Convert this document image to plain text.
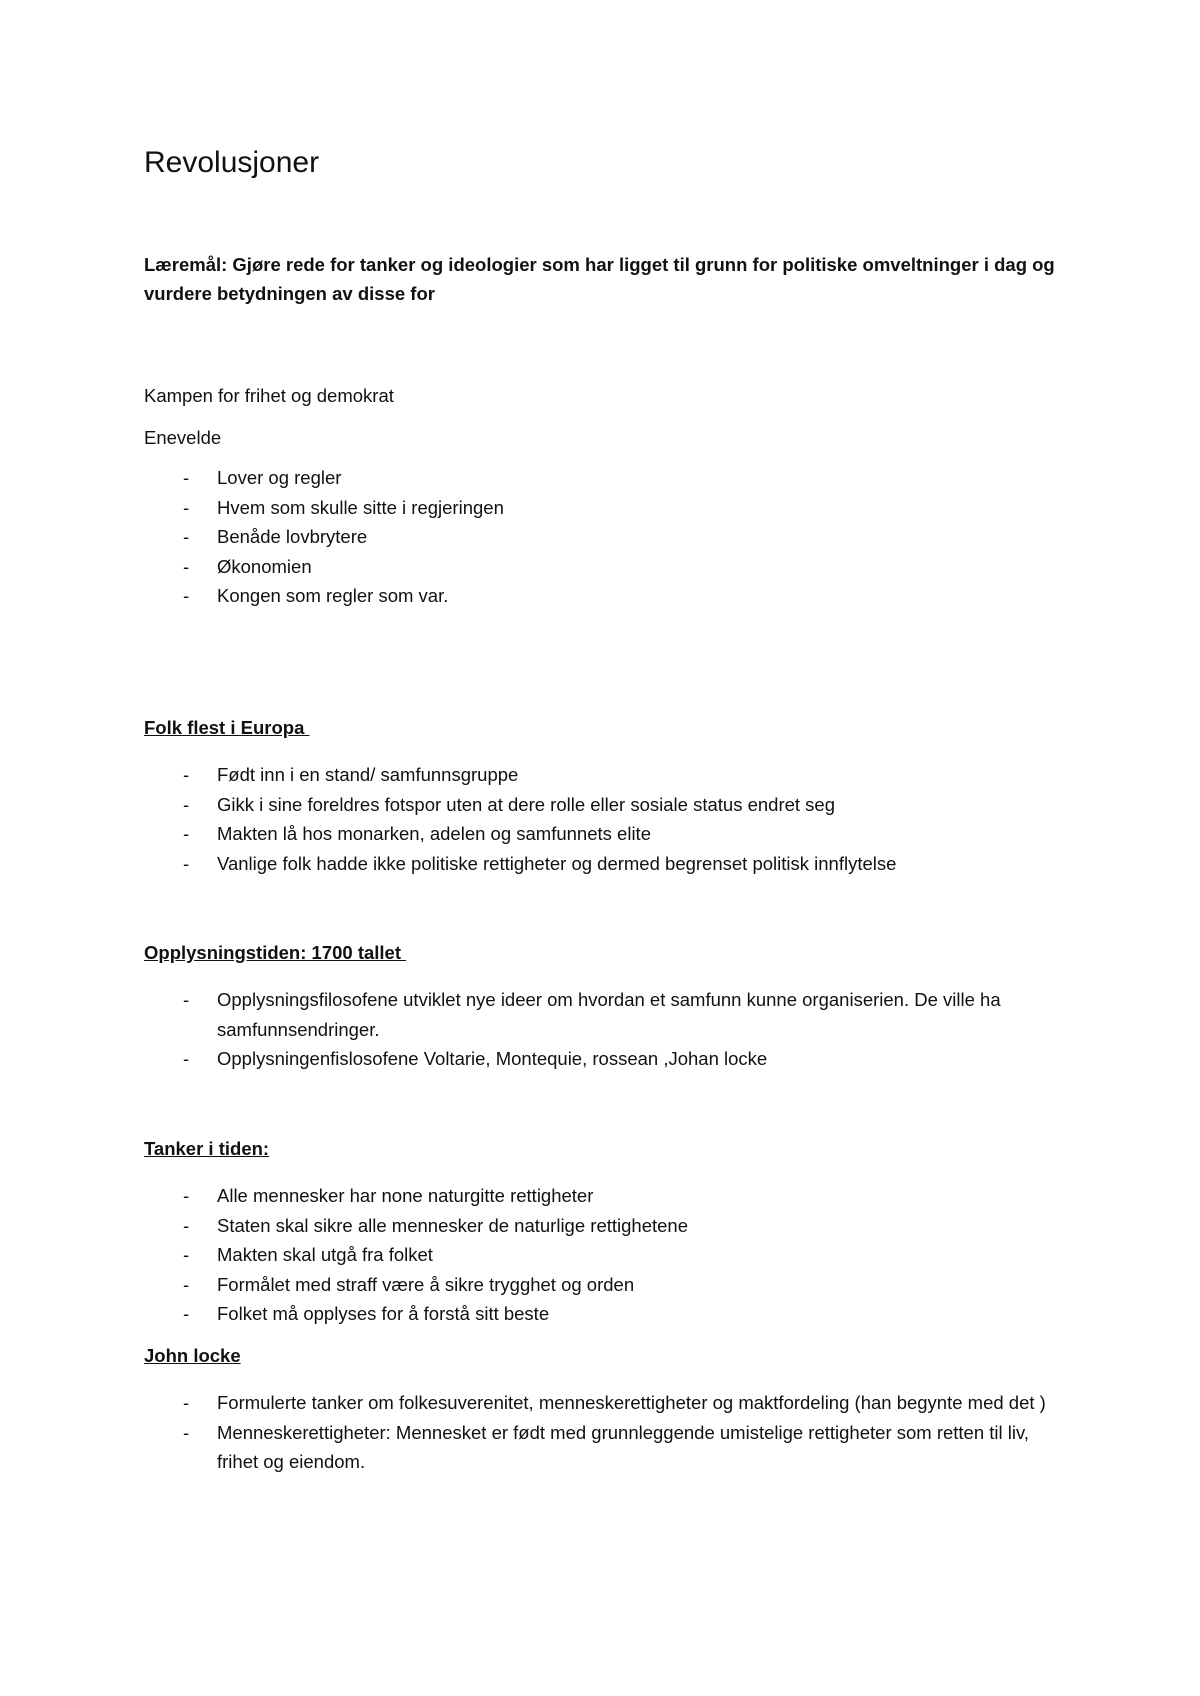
Revolusjoner

Læremål: Gjøre rede for tanker og ideologier som har ligget til grunn for politiske omveltninger i dag og vurdere betydningen av disse for

Kampen for frihet og demokrat

Enevelde

- Lover og regler
- Hvem som skulle sitte i regjeringen
- Benåde lovbrytere
- Økonomien
- Kongen som regler som var.

Folk flest i Europa

- Født inn i en stand/ samfunnsgruppe
- Gikk i sine foreldres fotspor uten at dere rolle eller sosiale status endret seg
- Makten lå hos monarken, adelen og samfunnets elite
- Vanlige folk hadde ikke politiske rettigheter og dermed begrenset politisk innflytelse

Opplysningstiden: 1700 tallet

- Opplysningsfilosofene utviklet nye ideer om hvordan et samfunn kunne organiserien. De ville ha samfunnsendringer.
- Opplysningenfislosofene Voltarie, Montequie, rossean ,Johan locke

Tanker i tiden:

- Alle mennesker har none naturgitte rettigheter
- Staten skal sikre alle mennesker de naturlige rettighetene
- Makten skal utgå fra folket
- Formålet med straff være å sikre trygghet og orden
- Folket må opplyses for å forstå sitt beste

John locke

- Formulerte tanker om folkesuverenitet, menneskerettigheter og maktfordeling (han begynte med det )
- Menneskerettigheter: Mennesket er født med grunnleggende umistelige rettigheter som retten til liv, frihet og eiendom.
